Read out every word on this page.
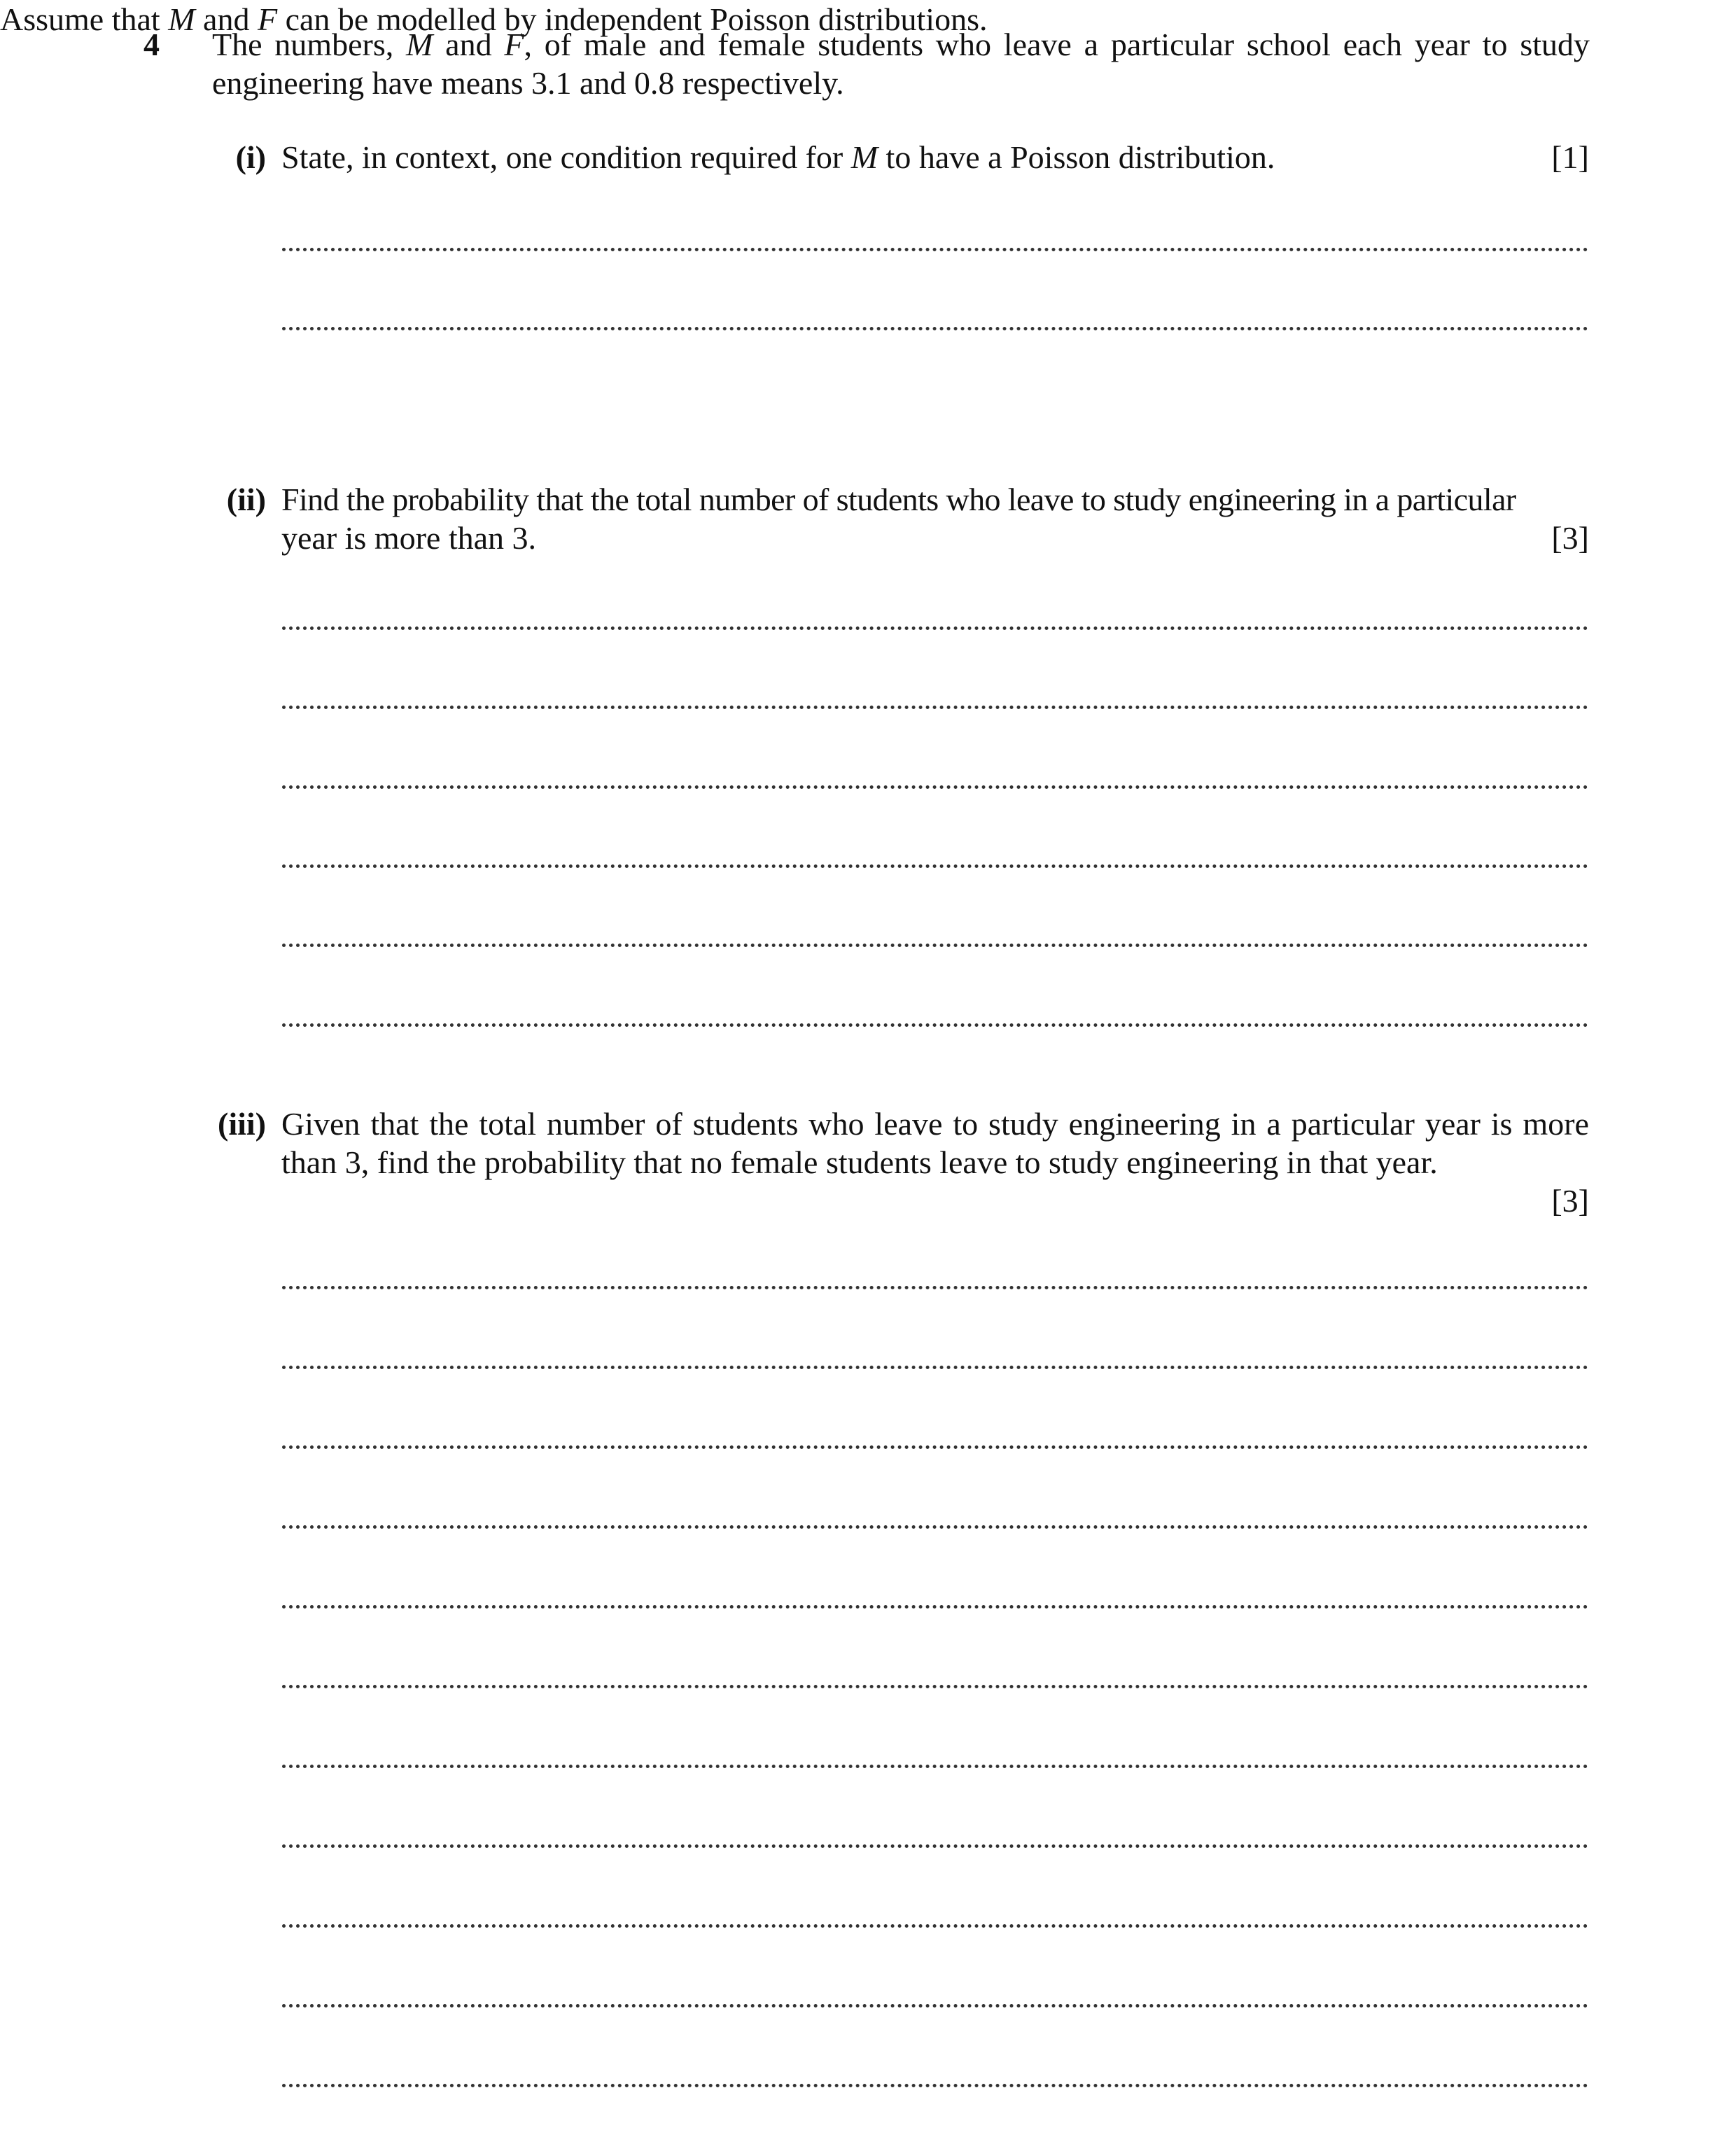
4 The numbers, M and F, of male and female students who leave a particular school each year to study engineering have means 3.1 and 0.8 respectively.
(i) State, in context, one condition required for M to have a Poisson distribution.	[1]
Assume that M and F can be modelled by independent Poisson distributions.
(ii) Find the probability that the total number of students who leave to study engineering in a particular
year is more than 3.	[3]
(iii) Given that the total number of students who leave to study engineering in a particular year is more than 3, find the probability that no female students leave to study engineering in that year.
[3]
